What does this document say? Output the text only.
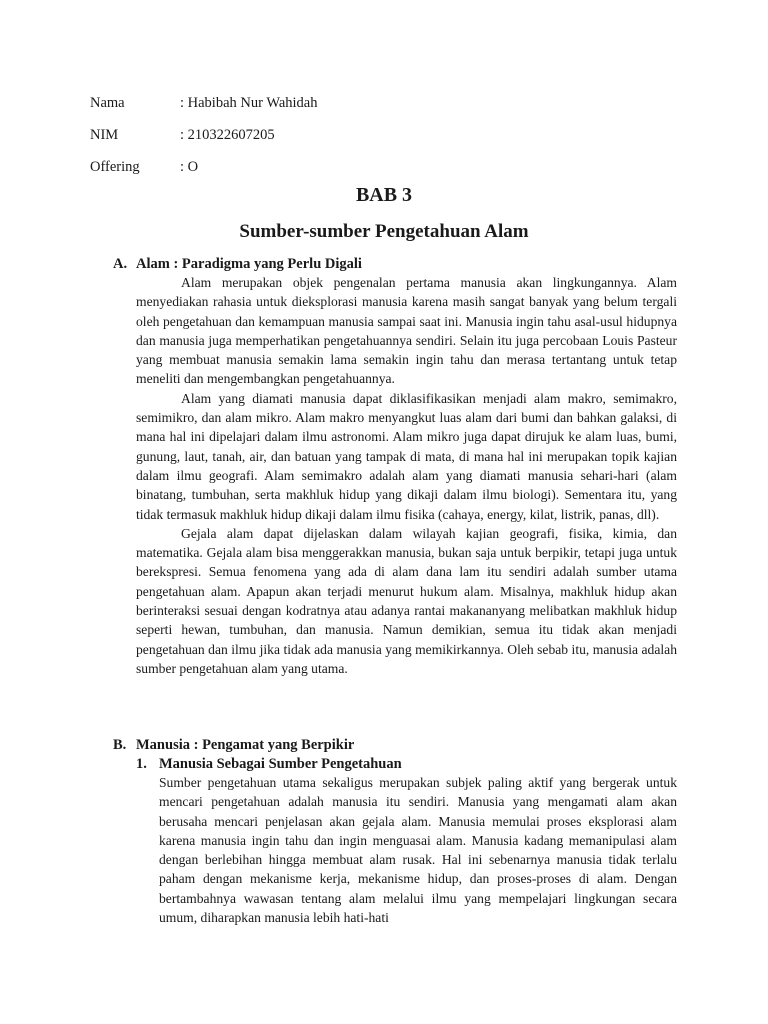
Nama	: Habibah Nur Wahidah
NIM	: 210322607205
Offering	: O
BAB 3
Sumber-sumber Pengetahuan Alam
A. Alam : Paradigma yang Perlu Digali

Alam merupakan objek pengenalan pertama manusia akan lingkungannya. Alam menyediakan rahasia untuk dieksplorasi manusia karena masih sangat banyak yang belum tergali oleh pengetahuan dan kemampuan manusia sampai saat ini. Manusia ingin tahu asal-usul hidupnya dan manusia juga memperhatikan pengetahuannya sendiri. Selain itu juga percobaan Louis Pasteur yang membuat manusia semakin lama semakin ingin tahu dan merasa tertantang untuk tetap meneliti dan mengembangkan pengetahuannya.

Alam yang diamati manusia dapat diklasifikasikan menjadi alam makro, semimakro, semimikro, dan alam mikro. Alam makro menyangkut luas alam dari bumi dan bahkan galaksi, di mana hal ini dipelajari dalam ilmu astronomi. Alam mikro juga dapat dirujuk ke alam luas, bumi, gunung, laut, tanah, air, dan batuan yang tampak di mata, di mana hal ini merupakan topik kajian dalam ilmu geografi. Alam semimakro adalah alam yang diamati manusia sehari-hari (alam binatang, tumbuhan, serta makhluk hidup yang dikaji dalam ilmu biologi). Sementara itu, yang tidak termasuk makhluk hidup dikaji dalam ilmu fisika (cahaya, energy, kilat, listrik, panas, dll).

Gejala alam dapat dijelaskan dalam wilayah kajian geografi, fisika, kimia, dan matematika. Gejala alam bisa menggerakkan manusia, bukan saja untuk berpikir, tetapi juga untuk berekspresi. Semua fenomena yang ada di alam dana lam itu sendiri adalah sumber utama pengetahuan alam. Apapun akan terjadi menurut hukum alam. Misalnya, makhluk hidup akan berinteraksi sesuai dengan kodratnya atau adanya rantai makananyang melibatkan makhluk hidup seperti hewan, tumbuhan, dan manusia. Namun demikian, semua itu tidak akan menjadi pengetahuan dan ilmu jika tidak ada manusia yang memikirkannya. Oleh sebab itu, manusia adalah sumber pengetahuan alam yang utama.

B. Manusia : Pengamat yang Berpikir
1. Manusia Sebagai Sumber Pengetahuan

Sumber pengetahuan utama sekaligus merupakan subjek paling aktif yang bergerak untuk mencari pengetahuan adalah manusia itu sendiri. Manusia yang mengamati alam akan berusaha mencari penjelasan akan gejala alam. Manusia memulai proses eksplorasi alam karena manusia ingin tahu dan ingin menguasai alam. Manusia kadang memanipulasi alam dengan berlebihan hingga membuat alam rusak. Hal ini sebenarnya manusia tidak terlalu paham dengan mekanisme kerja, mekanisme hidup, dan proses-proses di alam. Dengan bertambahnya wawasan tentang alam melalui ilmu yang mempelajari lingkungan secara umum, diharapkan manusia lebih hati-hati
